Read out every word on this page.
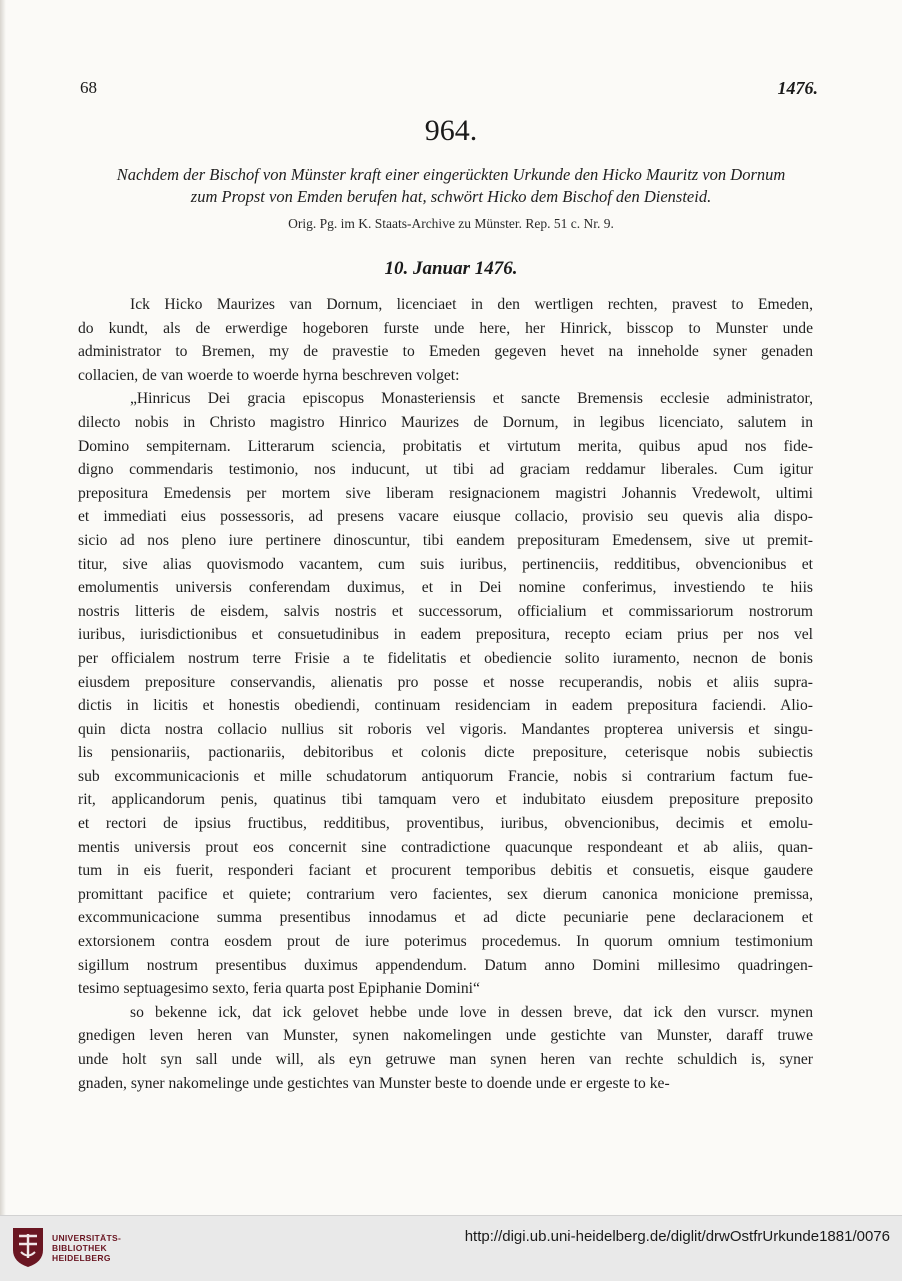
68	1476.
964.
Nachdem der Bischof von Münster kraft einer eingerückten Urkunde den Hicko Mauritz von Dornum
zum Propst von Emden berufen hat, schwört Hicko dem Bischof den Diensteid.
Orig. Pg. im K. Staats-Archive zu Münster. Rep. 51 c. Nr. 9.
10. Januar 1476.
Ick Hicko Maurizes van Dornum, licenciaet in den wertligen rechten, pravest to Emeden,
do kundt, als de erwerdige hogeboren furste unde here, her Hinrick, bisscop to Munster unde
administrator to Bremen, my de pravestie to Emeden gegeven hevet na inneholde syner genaden
collacien, de van woerde to woerde hyrna beschreven volget:
„Hinricus Dei gracia episcopus Monasteriensis et sancte Bremensis ecclesie administrator,
dilecto nobis in Christo magistro Hinrico Maurizes de Dornum, in legibus licenciato, salutem in
Domino sempiternam. Litterarum sciencia, probitatis et virtutum merita, quibus apud nos fide-
digno commendaris testimonio, nos inducunt, ut tibi ad graciam reddamur liberales. Cum igitur
prepositura Emedensis per mortem sive liberam resignacionem magistri Johannis Vredewolt, ultimi
et immediati eius possessoris, ad presens vacare eiusque collacio, provisio seu quevis alia dispo-
sicio ad nos pleno iure pertinere dinoscuntur, tibi eandem preposituram Emedensem, sive ut premit-
titur, sive alias quovismodo vacantem, cum suis iuribus, pertinenciis, redditibus, obvencionibus et
emolumentis universis conferendam duximus, et in Dei nomine conferimus, investiendo te hiis
nostris litteris de eisdem, salvis nostris et successorum, officialium et commissariorum nostrorum
iuribus, iurisdictionibus et consuetudinibus in eadem prepositura, recepto eciam prius per nos vel
per officialem nostrum terre Frisie a te fidelitatis et obediencie solito iuramento, necnon de bonis
eiusdem prepositure conservandis, alienatis pro posse et nosse recuperandis, nobis et aliis supra-
dictis in licitis et honestis obediendi, continuam residenciam in eadem prepositura faciendi. Alio-
quin dicta nostra collacio nullius sit roboris vel vigoris. Mandantes propterea universis et singu-
lis pensionariis, pactionariis, debitoribus et colonis dicte prepositure, ceterisque nobis subiectis
sub excommunicacionis et mille schudatorum antiquorum Francie, nobis si contrarium factum fue-
rit, applicandorum penis, quatinus tibi tamquam vero et indubitato eiusdem prepositure preposito
et rectori de ipsius fructibus, redditibus, proventibus, iuribus, obvencionibus, decimis et emolu-
mentis universis prout eos concernit sine contradictione quacunque respondeant et ab aliis, quan-
tum in eis fuerit, responderi faciant et procurent temporibus debitis et consuetis, eisque gaudere
promittant pacifice et quiete; contrarium vero facientes, sex dierum canonica monicione premissa,
excommunicacione summa presentibus innodamus et ad dicte pecuniarie pene declaracionem et
extorsionem contra eosdem prout de iure poterimus procedemus. In quorum omnium testimonium
sigillum nostrum presentibus duximus appendendum. Datum anno Domini millesimo quadringen-
tesimo septuagesimo sexto, feria quarta post Epiphanie Domini“
so bekenne ick, dat ick gelovet hebbe unde love in dessen breve, dat ick den vurscr. mynen
gnedigen leven heren van Munster, synen nakomelingen unde gestichte van Munster, daraff truwe
unde holt syn sall unde will, als eyn getruwe man synen heren van rechte schuldich is, syner
gnaden, syner nakomelinge unde gestichtes van Munster beste to doende unde er ergeste to ke-
UNIVERSITÄTS-
BIBLIOTHEK
HEIDELBERG
http://digi.ub.uni-heidelberg.de/diglit/drwOstfrUrkunde1881/0076
